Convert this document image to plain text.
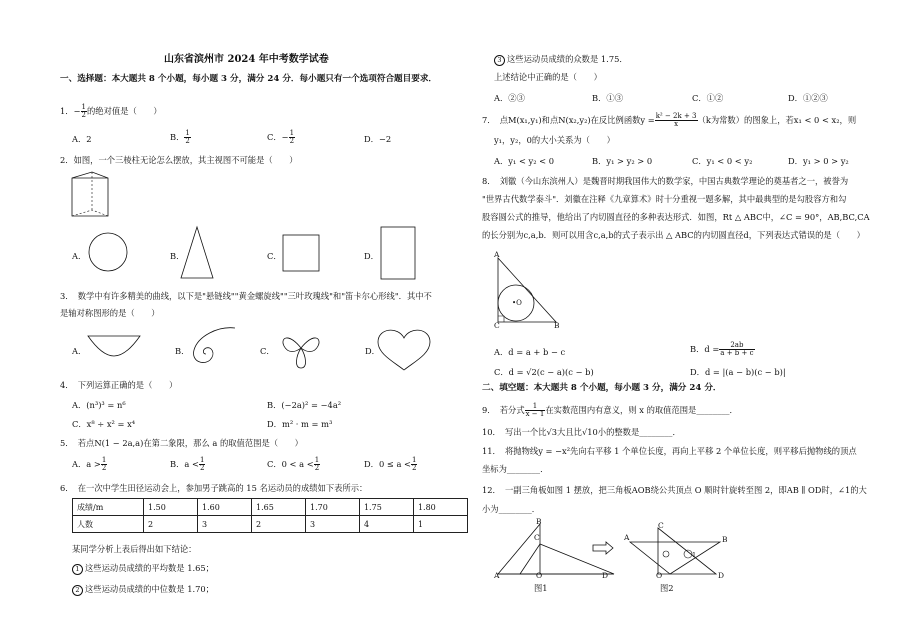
山东省滨州市 2024 年中考数学试卷
一、选择题：本大题共 8 个小题，每小题 3 分，满分 24 分．每小题只有一个选项符合题目要求．
1．− $\frac{1}{2}$ 的绝对值是（　　）
A．2	B． $\frac{1}{2}$	C．− $\frac{1}{2}$	D．−2
2．如图，一个三棱柱无论怎么摆放，其主视图不可能是（　　）
A．	B．	C．	D．
3．　数学中有许多精美的曲线，以下是"悬链线""黄金螺旋线""三叶玫瑰线"和"笛卡尔心形线"．其中不
是轴对称图形的是（　　）
A．	B．	C．	D．
4．　下列运算正确的是（　　）
A．(n³)³ = n⁶	B．(−2a)² = −4a²
C．x⁸ ÷ x² = x⁴	D．m² · m = m³
5．　若点N(1 − 2a,a)在第二象限，那么 a 的取值范围是（　　）
A．$a > \frac{1}{2}$	B．$a < \frac{1}{2}$	C．$0 < a < \frac{1}{2}$	D．$0 \le a < \frac{1}{2}$
6．　在一次中学生田径运动会上，参加男子跳高的 15 名运动员的成绩如下表所示：
成绩/m	1.50	1.60	1.65	1.70	1.75	1.80
人数	2	3	2	3	4	1
某同学分析上表后得出如下结论：
1 这些运动员成绩的平均数是 1.65；
2 这些运动员成绩的中位数是 1.70；
3 这些运动员成绩的众数是 1.75．
上述结论中正确的是（　　）
A．②③	B．①③	C．①②	D．①②③
7．　点M(x₁,y₁)和点N(x₂,y₂)在反比例函数$y = \frac{\text{k² − 2k + 3}}{x} (k$为常数）的图象上，若x₁ < 0 < x₂，则
y₁，y₂，0的大小关系为（　　）
A．y₁ < y₂ < 0	B．y₁ > y₂ > 0	C．y₁ < 0 < y₂	D．y₁ > 0 > y₂
8．　刘徽（今山东滨州人）是魏晋时期我国伟大的数学家，中国古典数学理论的奠基者之一，被誉为
"世界古代数学泰斗"．刘徽在注释《九章算术》时十分重视一题多解，其中最典型的是勾股容方和勾
股容圆公式的推导，他给出了内切圆直径的多种表达形式．如图，Rt △ ABC中，∠C = 90°，AB,BC,CA
的长分别为c,a,b．则可以用含c,a,b的式子表示出 △ ABC的内切圆直径d，下列表达式错误的是（　　）
A
C	B
•O
A．d = a + b − c	B．$d = \frac{2ab}{a + b + c}$
C．d = √2(c − a)(c − b)	D．d = |(a − b)(c − b)|
二、填空题：本大题共 8 个小题，每小题 3 分，满分 24 分．
9．　若分式 $\frac{1}{x - 1}$ 在实数范围内有意义，则 x 的取值范围是________．
10．　写出一个比√3大且比√10小的整数是________．
11．　将抛物线y = −x²先向右平移 1 个单位长度，再向上平移 2 个单位长度，则平移后抛物线的顶点
坐标为________．
12．　一副三角板如图 1 摆放，把三角板AOB绕公共顶点 O 顺时针旋转至图 2，即AB ∥ OD时，∠1的大
小为________．
A
B
C
O	D
图1
A
C
B
1
O	D
图2
